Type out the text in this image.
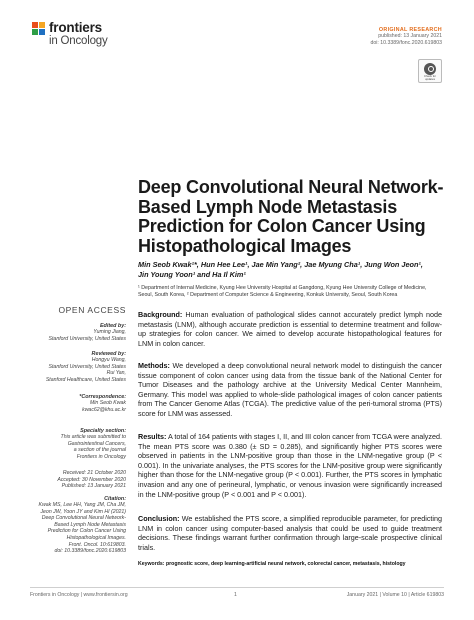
frontiers
in Oncology
ORIGINAL RESEARCH
published: 13 January 2021
doi: 10.3389/fonc.2020.619803
Check for
updates
Deep Convolutional Neural Network-
Based Lymph Node Metastasis
Prediction for Colon Cancer Using
Histopathological Images
Min Seob Kwak¹*, Hun Hee Lee¹, Jae Min Yang², Jae Myung Cha¹, Jung Won Jeon¹,
Jin Young Yoon¹ and Ha Il Kim¹
¹ Department of Internal Medicine, Kyung Hee University Hospital at Gangdong, Kyung Hee University College of Medicine,
Seoul, South Korea, ² Department of Computer Science & Engineering, Konkuk University, Seoul, South Korea
OPEN ACCESS
Edited by:
Yuming Jiang,
Stanford University, United States
Reviewed by:
Hongyu Wang,
Stanford University, United States
Rui Yan,
Stanford Healthcare, United States
*Correspondence:
Min Seob Kwak
kwac62@khu.ac.kr
Specialty section:
This article was submitted to
Gastrointestinal Cancers,
a section of the journal
Frontiers in Oncology
Received: 21 October 2020
Accepted: 30 November 2020
Published: 13 January 2021
Citation:
Kwak MS, Lee HH, Yang JM, Cha JM,
Jeon JW, Yoon JY and Kim HI (2021)
Deep Convolutional Neural Network-
Based Lymph Node Metastasis
Prediction for Colon Cancer Using
Histopathological Images.
Front. Oncol. 10:619803.
doi: 10.3389/fonc.2020.619803
Background: Human evaluation of pathological slides cannot accurately predict lymph node metastasis (LNM), although accurate prediction is essential to determine treatment and follow-up strategies for colon cancer. We aimed to develop accurate histopathological features for LNM in colon cancer.
Methods: We developed a deep convolutional neural network model to distinguish the cancer tissue component of colon cancer using data from the tissue bank of the National Center for Tumor Diseases and the pathology archive at the University Medical Center Mannheim, Germany. This model was applied to whole-slide pathological images of colon cancer patients from The Cancer Genome Atlas (TCGA). The predictive value of the peri-tumoral stroma (PTS) score for LNM was assessed.
Results: A total of 164 patients with stages I, II, and III colon cancer from TCGA were analyzed. The mean PTS score was 0.380 (± SD = 0.285), and significantly higher PTS scores were observed in patients in the LNM-positive group than those in the LNM-negative group (P < 0.001). In the univariate analyses, the PTS scores for the LNM-positive group were significantly higher than those for the LNM-negative group (P < 0.001). Further, the PTS scores in lymphatic invasion and any one of perineural, lymphatic, or venous invasion were significantly increased in the LNM-positive group (P < 0.001 and P < 0.001).
Conclusion: We established the PTS score, a simplified reproducible parameter, for predicting LNM in colon cancer using computer-based analysis that could be used to guide treatment decisions. These findings warrant further confirmation through large-scale prospective clinical trials.
Keywords: prognostic score, deep learning-artificial neural network, colorectal cancer, metastasis, histology
Frontiers in Oncology | www.frontiersin.org	1	January 2021 | Volume 10 | Article 619803
